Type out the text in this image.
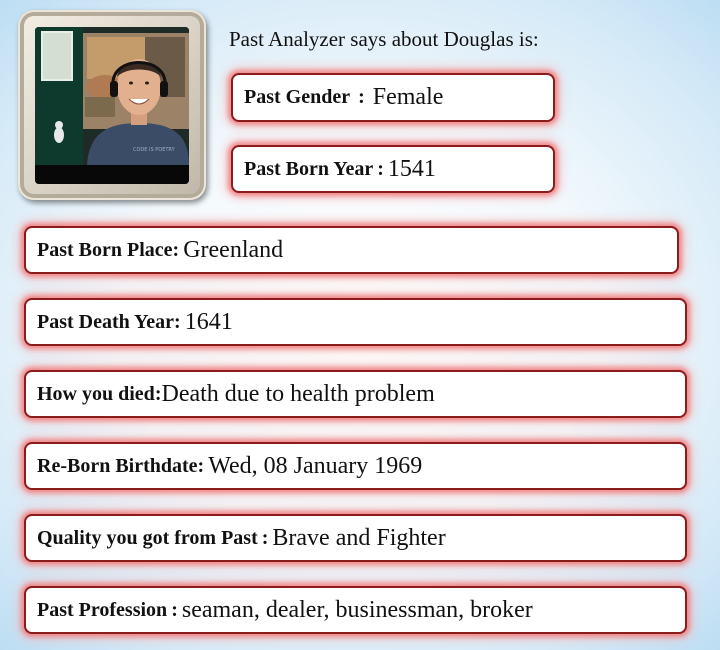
CODE IS POETRY
Past Analyzer says about Douglas is:
Past Gender
:
Female
Past Born Year
:
1541
Past Born Place :
Greenland
Past Death Year :
1641
How you died : Death due to health problem
Re-Born Birthdate :
Wed, 08 January 1969
Quality you got from Past
:
Brave and Fighter
Past Profession
:
seaman, dealer, businessman, broker
